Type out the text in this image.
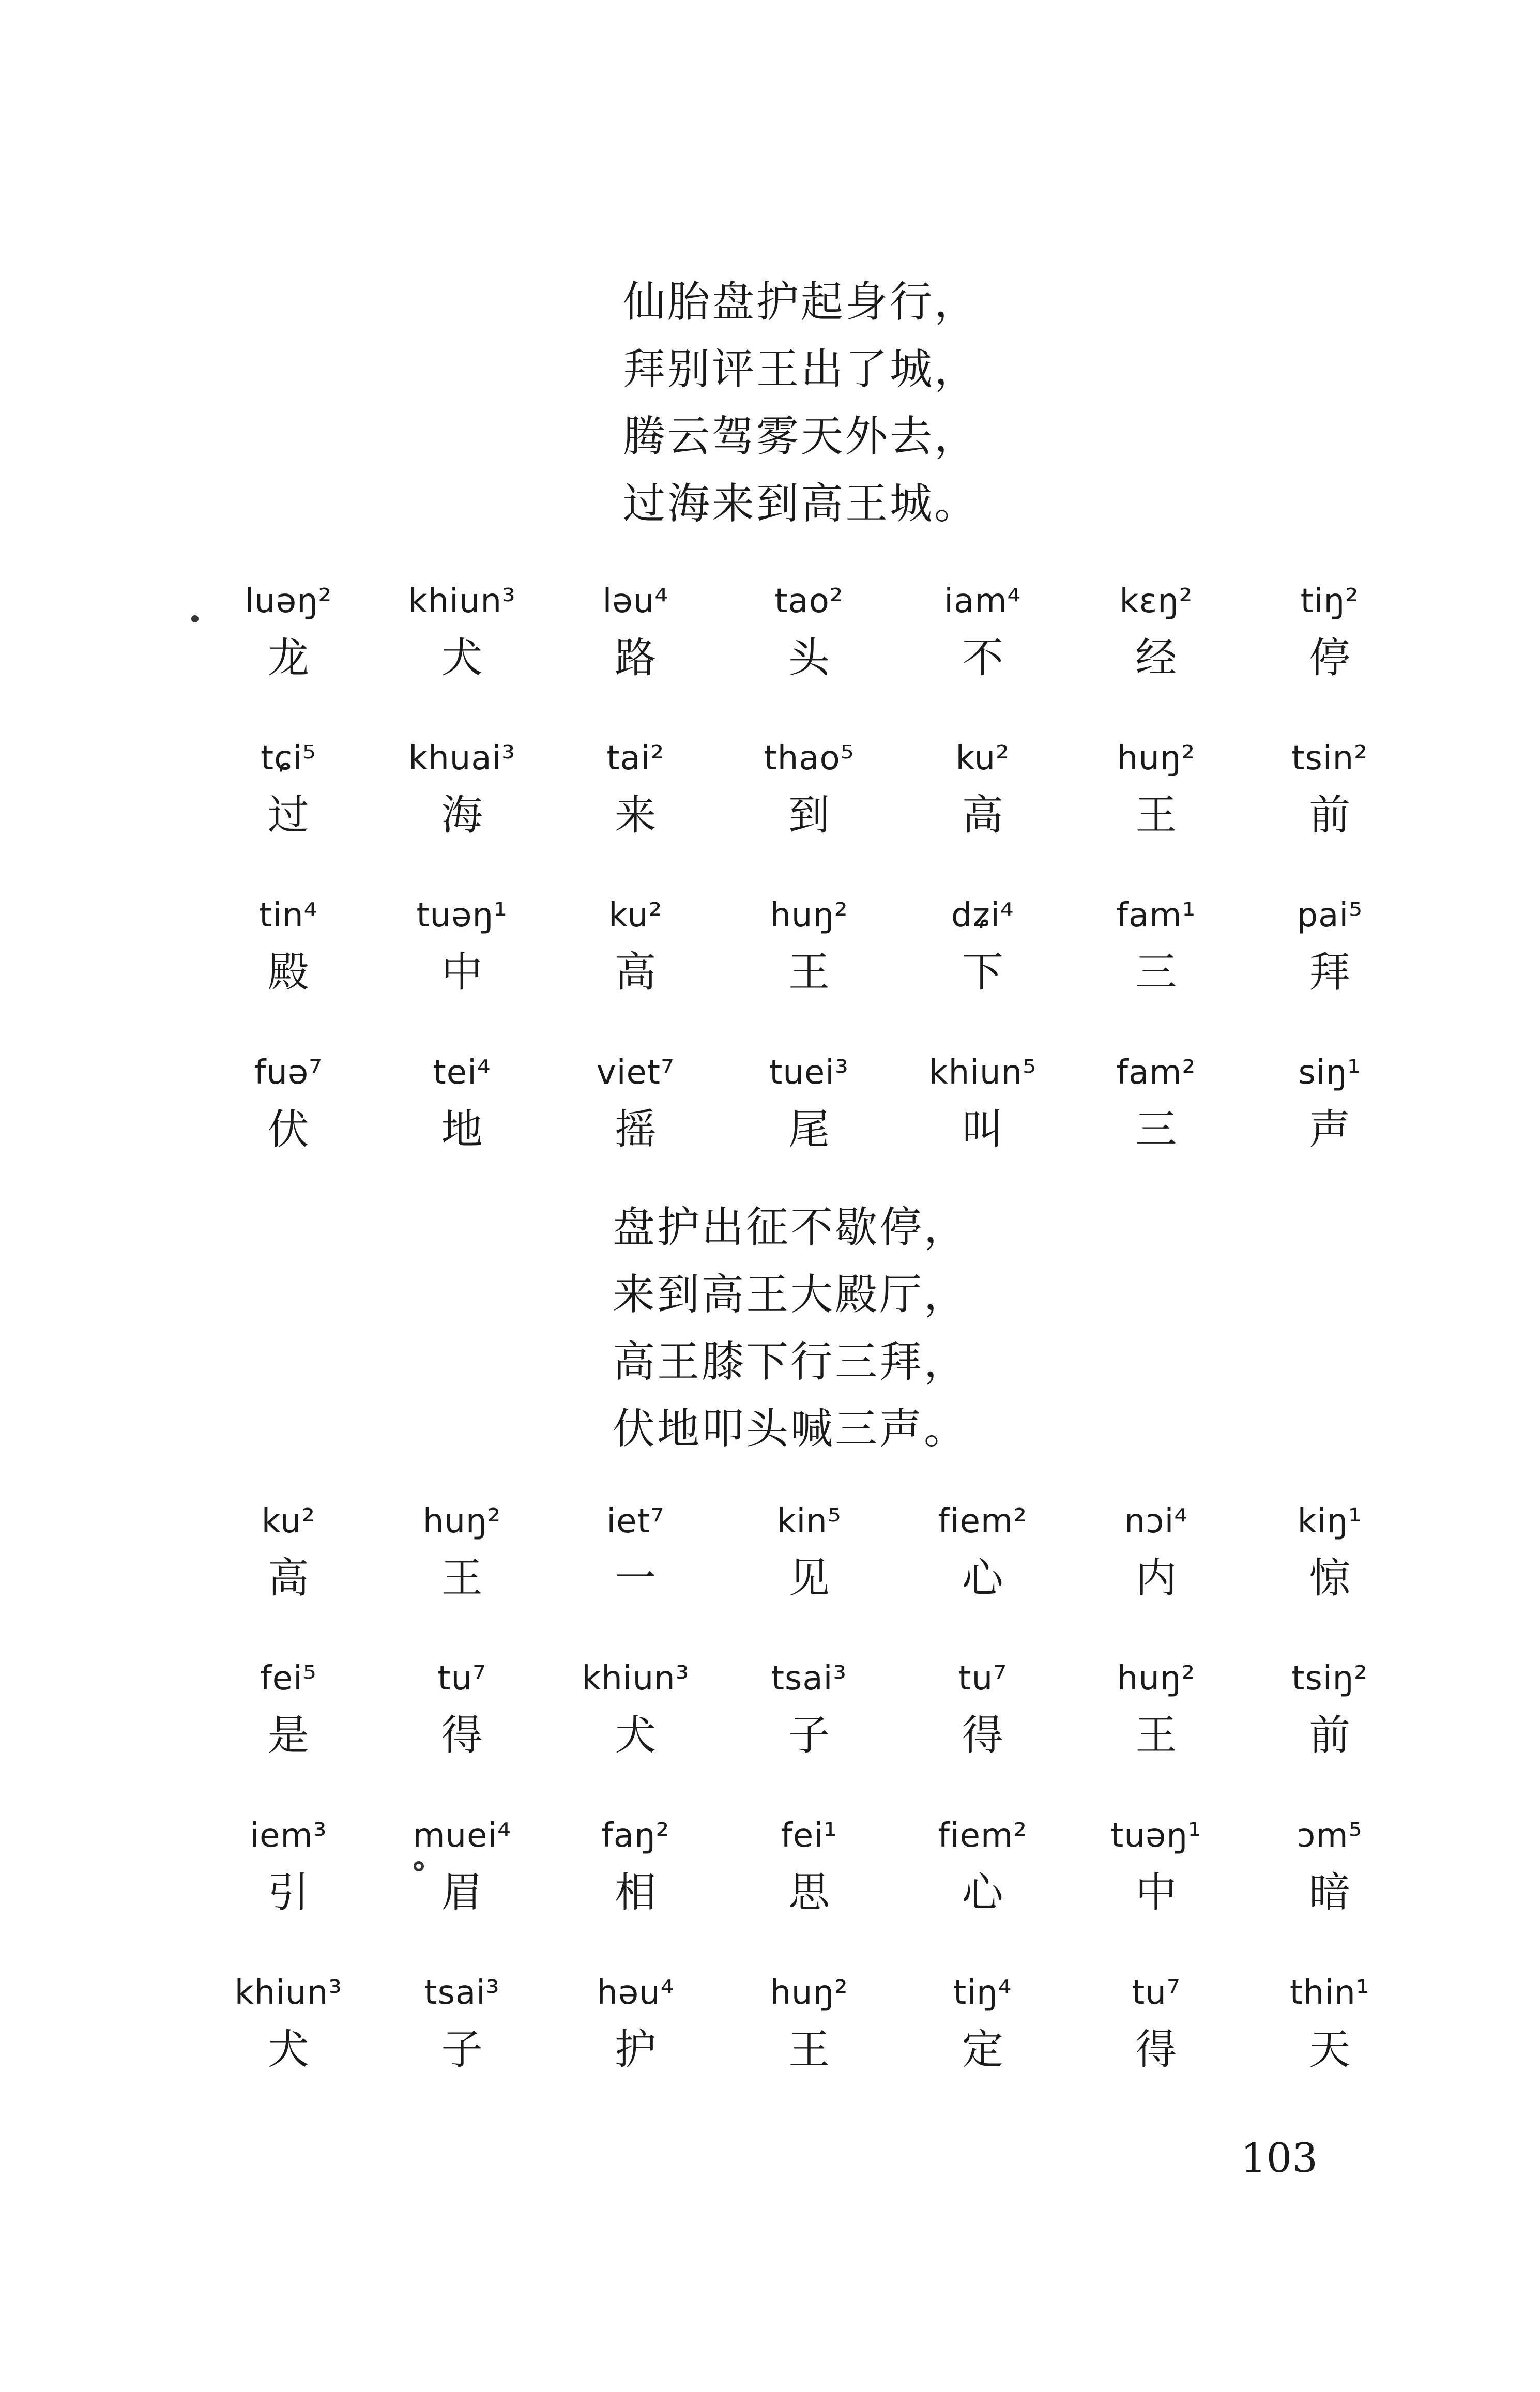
仙胎盘护起身行，
拜别评王出了城，
腾云驾雾天外去，
过海来到高王城。
luəŋ²	khiun³	ləu⁴	tao²	iam⁴	kɛŋ²	tiŋ²
龙	犬	路	头	不	经	停
tɕi⁵	khuai³	tai²	thao⁵	ku²	huŋ²	tsin²
过	海	来	到	高	王	前
tin⁴	tuəŋ¹	ku²	huŋ²	dʑi⁴	fam¹	pai⁵
殿	中	高	王	下	三	拜
fuə⁷	tei⁴	viet⁷	tuei³	khiun⁵	fam²	siŋ¹
伏	地	摇	尾	叫	三	声
盘护出征不歇停，
来到高王大殿厅，
高王膝下行三拜，
伏地叩头喊三声。
ku²	huŋ²	iet⁷	kin⁵	fiem²	nɔi⁴	kiŋ¹
高	王	一	见	心	内	惊
fei⁵	tu⁷	khiun³	tsai³	tu⁷	huŋ²	tsiŋ²
是	得	犬	子	得	王	前
iem³	muei⁴	faŋ²	fei¹	fiem²	tuəŋ¹	ɔm⁵
引	眉	相	思	心	中	暗
khiun³	tsai³	həu⁴	huŋ²	tiŋ⁴	tu⁷	thin¹
犬	子	护	王	定	得	天
103
